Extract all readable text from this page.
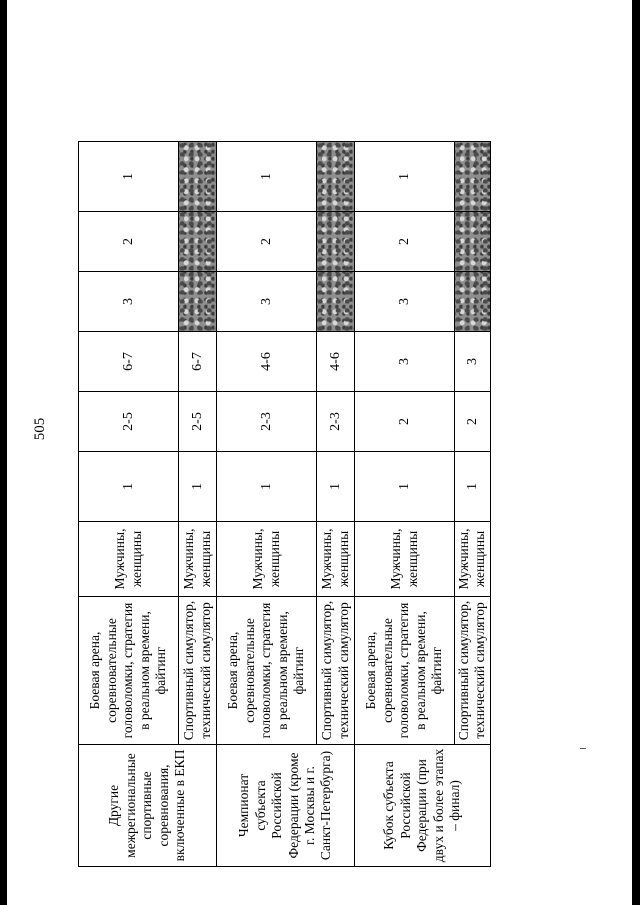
505
Другие межрегиональные спортивные соревнования, включенные в ЕКП	Боевая арена, соревновательные головоломки, стратегия в реальном времени, файтинг	Мужчины, женщины	1	2-5	6-7	3	2	1
	Спортивный симулятор, технический симулятор	Мужчины, женщины	1	2-5	6-7			
Чемпионат субъекта Российской Федерации (кроме г. Москвы и г. Санкт-Петербурга)	Боевая арена, соревновательные головоломки, стратегия в реальном времени, файтинг	Мужчины, женщины	1	2-3	4-6	3	2	1
	Спортивный симулятор, технический симулятор	Мужчины, женщины	1	2-3	4-6			
Кубок субъекта Российской Федерации (при двух и более этапах – финал)	Боевая арена, соревновательные головоломки, стратегия в реальном времени, файтинг	Мужчины, женщины	1	2	3	3	2	1
	Спортивный симулятор, технический симулятор	Мужчины, женщины	1	2	3			
